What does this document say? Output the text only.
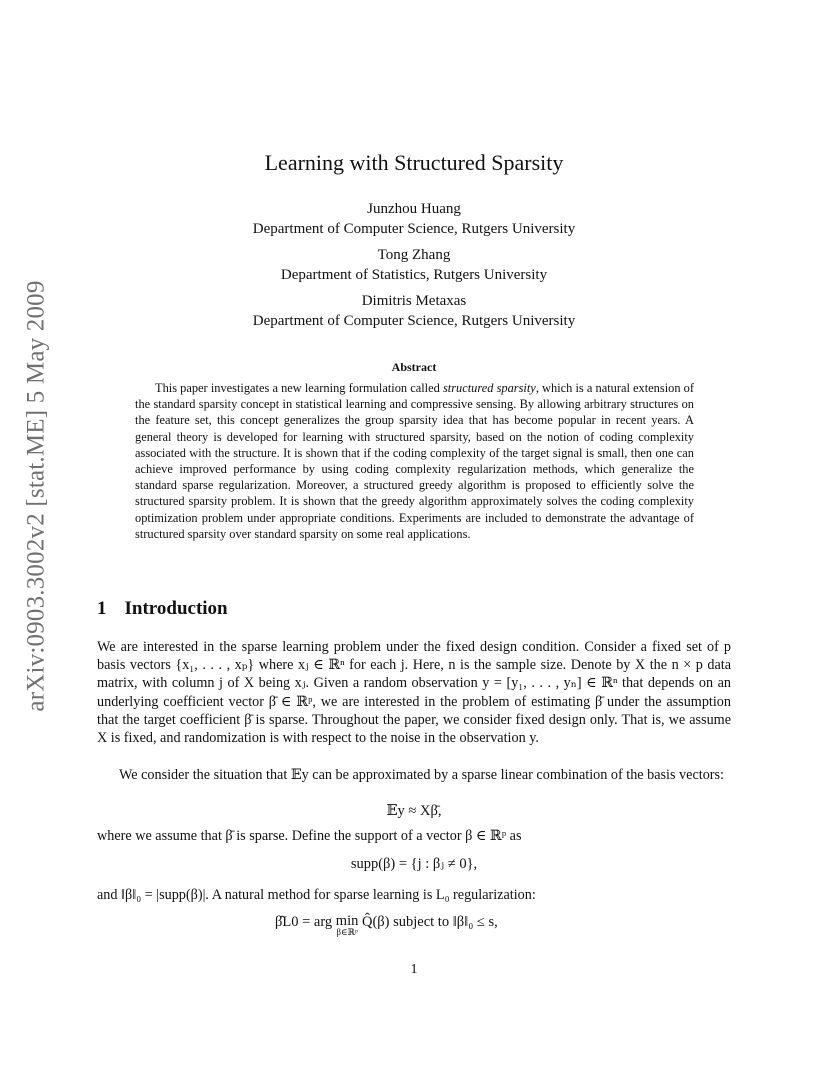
arXiv:0903.3002v2 [stat.ME] 5 May 2009
Learning with Structured Sparsity
Junzhou Huang
Department of Computer Science, Rutgers University
Tong Zhang
Department of Statistics, Rutgers University
Dimitris Metaxas
Department of Computer Science, Rutgers University
Abstract
This paper investigates a new learning formulation called structured sparsity, which is a natural extension of the standard sparsity concept in statistical learning and compressive sensing. By allowing arbitrary structures on the feature set, this concept generalizes the group sparsity idea that has become popular in recent years. A general theory is developed for learning with structured sparsity, based on the notion of coding complexity associated with the structure. It is shown that if the coding complexity of the target signal is small, then one can achieve improved performance by using coding complexity regularization methods, which generalize the standard sparse regularization. Moreover, a structured greedy algorithm is proposed to efficiently solve the structured sparsity problem. It is shown that the greedy algorithm approximately solves the coding complexity optimization problem under appropriate conditions. Experiments are included to demonstrate the advantage of structured sparsity over standard sparsity on some real applications.
1 Introduction
We are interested in the sparse learning problem under the fixed design condition. Consider a fixed set of p basis vectors {x₁, . . . , xₚ} where xⱼ ∈ ℝⁿ for each j. Here, n is the sample size. Denote by X the n × p data matrix, with column j of X being xⱼ. Given a random observation y = [y₁, . . . , yₙ] ∈ ℝⁿ that depends on an underlying coefficient vector β̄ ∈ ℝᵖ, we are interested in the problem of estimating β̄ under the assumption that the target coefficient β̄ is sparse. Throughout the paper, we consider fixed design only. That is, we assume X is fixed, and randomization is with respect to the noise in the observation y.
We consider the situation that 𝔼y can be approximated by a sparse linear combination of the basis vectors:
𝔼y ≈ Xβ̄,
where we assume that β̄ is sparse. Define the support of a vector β ∈ ℝᵖ as
supp(β) = {j : βⱼ ≠ 0},
and ‖β‖₀ = |supp(β)|. A natural method for sparse learning is L₀ regularization:
β̂L0 = arg min
β∈ℝᵖ
Q̂(β) subject to ‖β‖₀ ≤ s,
1
